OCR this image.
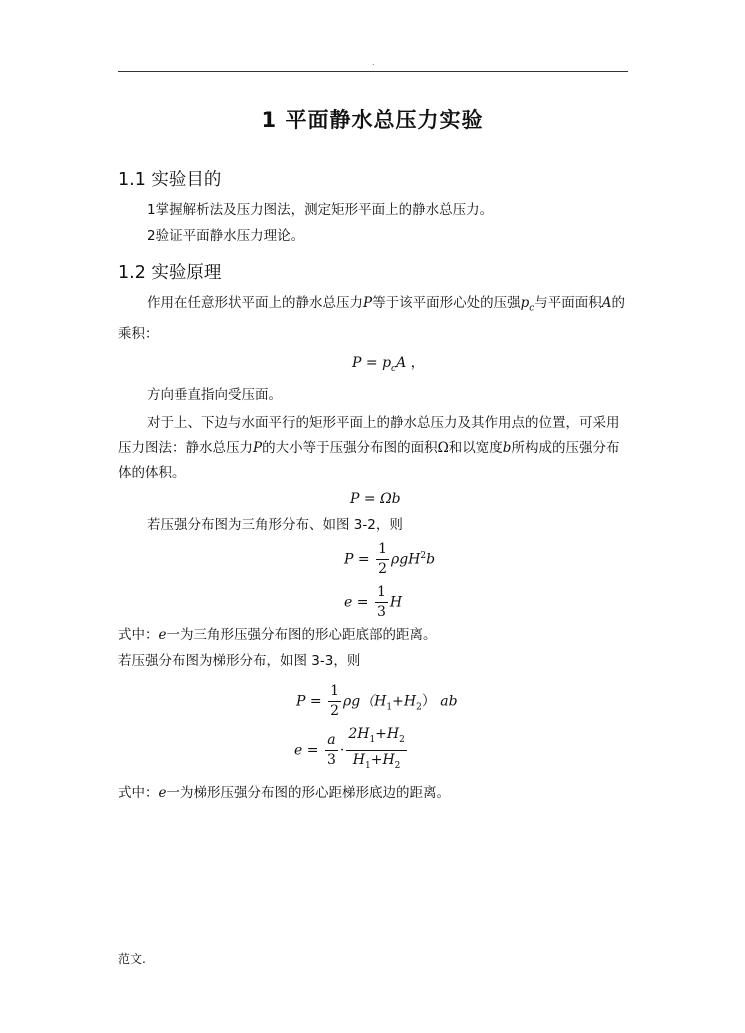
.
1 平面静水总压力实验
1.1 实验目的
1掌握解析法及压力图法，测定矩形平面上的静水总压力。
2验证平面静水压力理论。
1.2 实验原理
作用在任意形状平面上的静水总压力P等于该平面形心处的压强$p_c$与平面面积A的乘积：
$P = p_cA$ ，
方向垂直指向受压面。
对于上、下边与水面平行的矩形平面上的静水总压力及其作用点的位置，可采用压力图法：静水总压力P的大小等于压强分布图的面积Ω和以宽度b所构成的压强分布体的体积。
P = Ωb
若压强分布图为三角形分布、如图 3-2，则
$P = \frac{1}{2} \rho gH^2b$
$e = \frac{1}{3}$ H
式中：e一为三角形压强分布图的形心距底部的距离。
若压强分布图为梯形分布，如图 3-3，则
$P = \frac{1}{2} \rho g(H_1+H_2)$ ab
$e = \frac{a}{3} \cdot \frac{2H_1+H_2}{H_1+H_2}$
式中：e一为梯形压强分布图的形心距梯形底边的距离。
范文.
